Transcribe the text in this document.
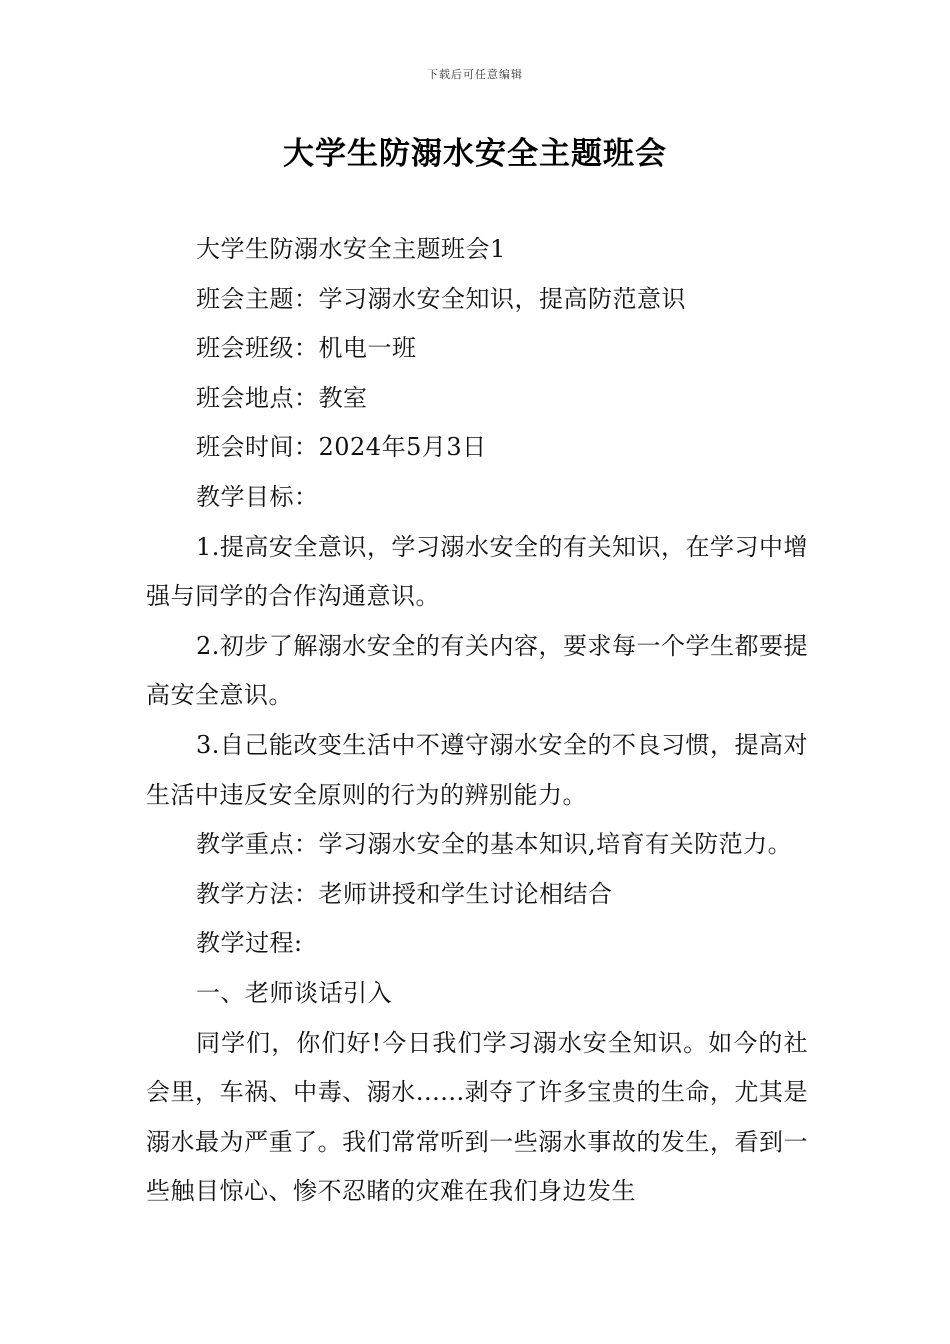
下载后可任意编辑
大学生防溺水安全主题班会

大学生防溺水安全主题班会1

班会主题：学习溺水安全知识，提高防范意识

班会班级：机电一班

班会地点：教室

班会时间：2024年5月3日

教学目标：

1.提高安全意识，学习溺水安全的有关知识，在学习中增强与同学的合作沟通意识。

2.初步了解溺水安全的有关内容，要求每一个学生都要提高安全意识。

3.自己能改变生活中不遵守溺水安全的不良习惯，提高对生活中违反安全原则的行为的辨别能力。

教学重点：学习溺水安全的基本知识,培育有关防范力。

教学方法：老师讲授和学生讨论相结合

教学过程:

一、老师谈话引入

同学们，你们好!今日我们学习溺水安全知识。如今的社会里，车祸、中毒、溺水......剥夺了许多宝贵的生命，尤其是溺水最为严重了。我们常常听到一些溺水事故的发生，看到一些触目惊心、惨不忍睹的灾难在我们身边发生
